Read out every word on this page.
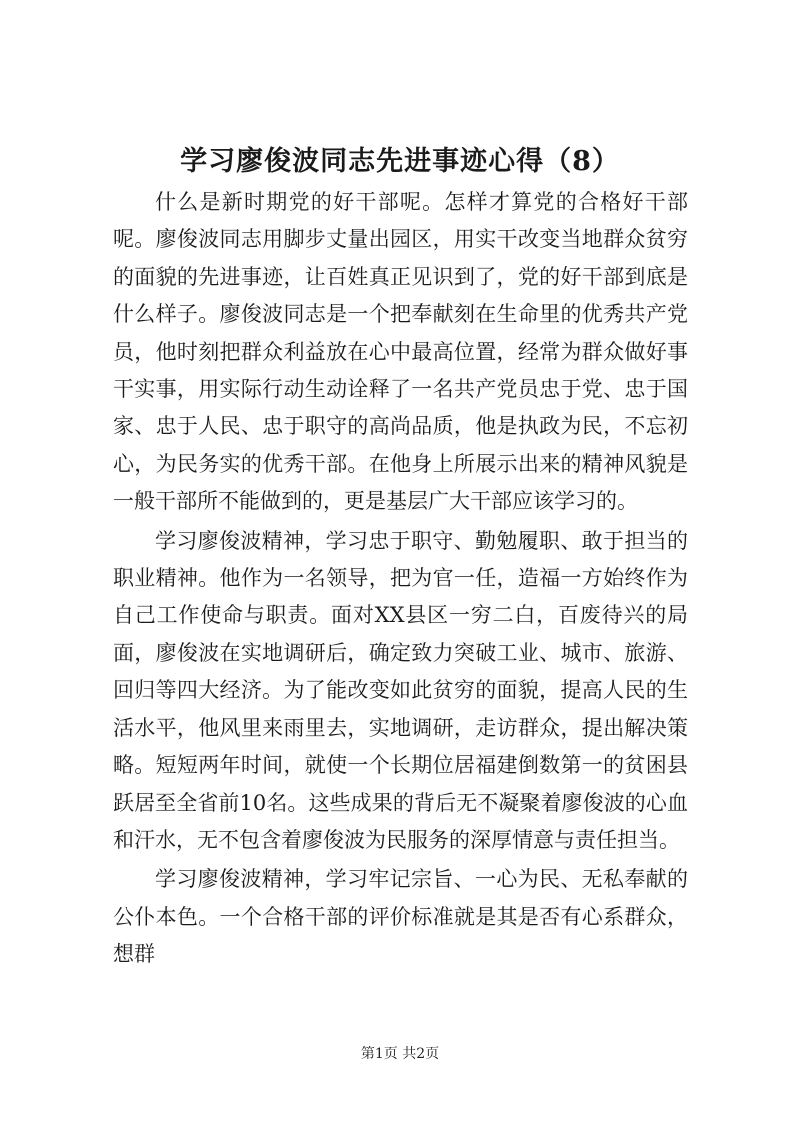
学习廖俊波同志先进事迹心得（8）

什么是新时期党的好干部呢。怎样才算党的合格好干部呢。廖俊波同志用脚步丈量出园区，用实干改变当地群众贫穷的面貌的先进事迹，让百姓真正见识到了，党的好干部到底是什么样子。廖俊波同志是一个把奉献刻在生命里的优秀共产党员，他时刻把群众利益放在心中最高位置，经常为群众做好事干实事，用实际行动生动诠释了一名共产党员忠于党、忠于国家、忠于人民、忠于职守的高尚品质，他是执政为民，不忘初心，为民务实的优秀干部。在他身上所展示出来的精神风貌是一般干部所不能做到的，更是基层广大干部应该学习的。

学习廖俊波精神，学习忠于职守、勤勉履职、敢于担当的职业精神。他作为一名领导，把为官一任，造福一方始终作为自己工作使命与职责。面对XX县区一穷二白，百废待兴的局面，廖俊波在实地调研后，确定致力突破工业、城市、旅游、回归等四大经济。为了能改变如此贫穷的面貌，提高人民的生活水平，他风里来雨里去，实地调研，走访群众，提出解决策略。短短两年时间，就使一个长期位居福建倒数第一的贫困县跃居至全省前10名。这些成果的背后无不凝聚着廖俊波的心血和汗水，无不包含着廖俊波为民服务的深厚情意与责任担当。

学习廖俊波精神，学习牢记宗旨、一心为民、无私奉献的公仆本色。一个合格干部的评价标准就是其是否有心系群众，想群

第1页 共2页
